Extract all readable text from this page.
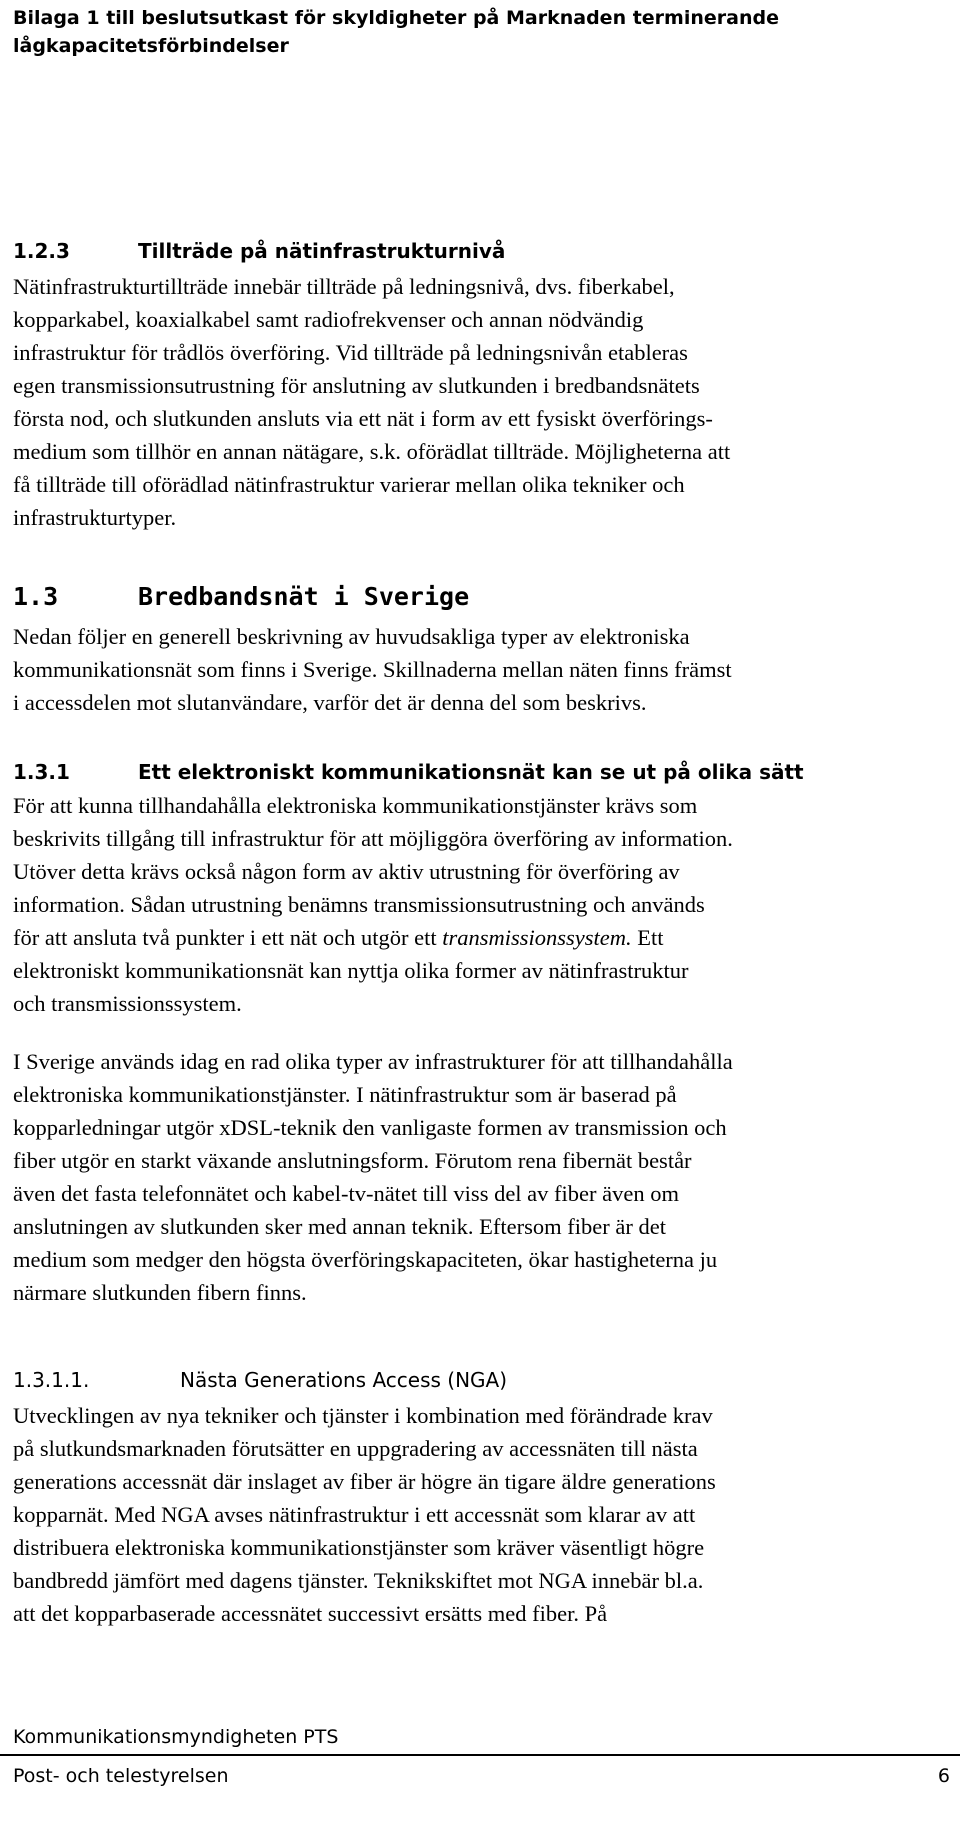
Bilaga 1 till beslutsutkast för skyldigheter på Marknaden terminerande
lågkapacitetsförbindelser
1.2.3	Tillträde på nätinfrastrukturnivå
Nätinfrastrukturtillträde innebär tillträde på ledningsnivå, dvs. fiberkabel,
kopparkabel, koaxialkabel samt radiofrekvenser och annan nödvändig
infrastruktur för trådlös överföring. Vid tillträde på ledningsnivån etableras
egen transmissionsutrustning för anslutning av slutkunden i bredbandsnätets
första nod, och slutkunden ansluts via ett nät i form av ett fysiskt överförings-
medium som tillhör en annan nätägare, s.k. oförädlat tillträde. Möjligheterna att
få tillträde till oförädlad nätinfrastruktur varierar mellan olika tekniker och
infrastrukturtyper.
1.3	Bredbandsnät i Sverige
Nedan följer en generell beskrivning av huvudsakliga typer av elektroniska
kommunikationsnät som finns i Sverige. Skillnaderna mellan näten finns främst
i accessdelen mot slutanvändare, varför det är denna del som beskrivs.
1.3.1	Ett elektroniskt kommunikationsnät kan se ut på olika sätt
För att kunna tillhandahålla elektroniska kommunikationstjänster krävs som
beskrivits tillgång till infrastruktur för att möjliggöra överföring av information.
Utöver detta krävs också någon form av aktiv utrustning för överföring av
information. Sådan utrustning benämns transmissionsutrustning och används
för att ansluta två punkter i ett nät och utgör ett transmissionssystem. Ett
elektroniskt kommunikationsnät kan nyttja olika former av nätinfrastruktur
och transmissionssystem.
I Sverige används idag en rad olika typer av infrastrukturer för att tillhandahålla
elektroniska kommunikationstjänster. I nätinfrastruktur som är baserad på
kopparledningar utgör xDSL-teknik den vanligaste formen av transmission och
fiber utgör en starkt växande anslutningsform. Förutom rena fibernät består
även det fasta telefonnätet och kabel-tv-nätet till viss del av fiber även om
anslutningen av slutkunden sker med annan teknik. Eftersom fiber är det
medium som medger den högsta överföringskapaciteten, ökar hastigheterna ju
närmare slutkunden fibern finns.
1.3.1.1.	Nästa Generations Access (NGA)
Utvecklingen av nya tekniker och tjänster i kombination med förändrade krav
på slutkundsmarknaden förutsätter en uppgradering av accessnäten till nästa
generations accessnät där inslaget av fiber är högre än tigare äldre generations
kopparnät. Med NGA avses nätinfrastruktur i ett accessnät som klarar av att
distribuera elektroniska kommunikationstjänster som kräver väsentligt högre
bandbredd jämfört med dagens tjänster. Teknikskiftet mot NGA innebär bl.a.
att det kopparbaserade accessnätet successivt ersätts med fiber. På
Kommunikationsmyndigheten PTS
Post- och telestyrelsen	6
